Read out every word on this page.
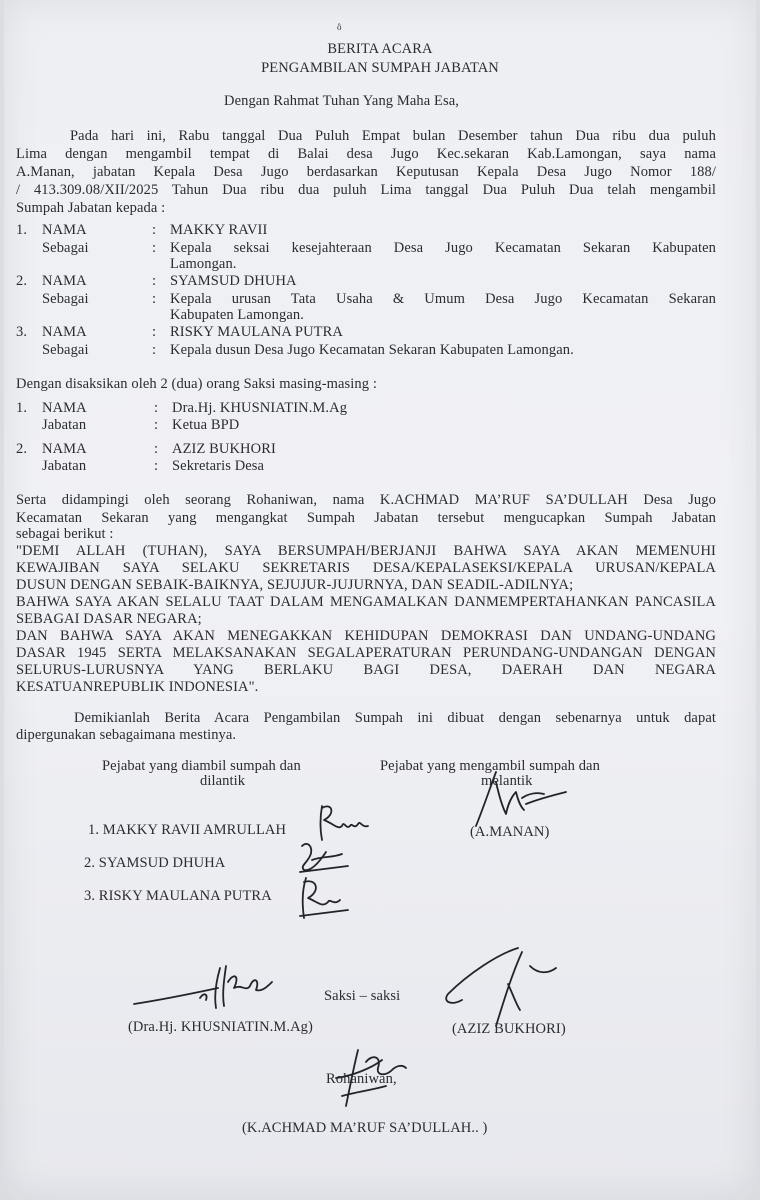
ô
BERITA ACARA
PENGAMBILAN SUMPAH JABATAN
Dengan Rahmat Tuhan Yang Maha Esa,
Pada hari ini, Rabu tanggal Dua Puluh Empat bulan Desember tahun Dua ribu dua puluh
Lima dengan mengambil tempat di Balai desa Jugo Kec.sekaran Kab.Lamongan, saya nama
A.Manan, jabatan Kepala Desa Jugo berdasarkan Keputusan Kepala Desa Jugo Nomor 188/
/ 413.309.08/XII/2025 Tahun Dua ribu dua puluh Lima tanggal Dua Puluh Dua telah mengambil
Sumpah Jabatan kepada :
1. NAMA	: MAKKY RAVII
Sebagai	: Kepala seksai kesejahteraan Desa Jugo Kecamatan Sekaran Kabupaten
Lamongan.
2. NAMA	: SYAMSUD DHUHA
Sebagai	: Kepala urusan Tata Usaha & Umum Desa Jugo Kecamatan Sekaran
Kabupaten Lamongan.
3. NAMA	: RISKY MAULANA PUTRA
Sebagai	: Kepala dusun Desa Jugo Kecamatan Sekaran Kabupaten Lamongan.
Dengan disaksikan oleh 2 (dua) orang Saksi masing-masing :
1. NAMA	: Dra.Hj. KHUSNIATIN.M.Ag
Jabatan	: Ketua BPD
2. NAMA	: AZIZ BUKHORI
Jabatan	: Sekretaris Desa
Serta didampingi oleh seorang Rohaniwan, nama K.ACHMAD MA’RUF SA’DULLAH Desa Jugo
Kecamatan Sekaran yang mengangkat Sumpah Jabatan tersebut mengucapkan Sumpah Jabatan
sebagai berikut :
"DEMI ALLAH (TUHAN), SAYA BERSUMPAH/BERJANJI BAHWA SAYA AKAN MEMENUHI
KEWAJIBAN SAYA SELAKU SEKRETARIS DESA/KEPALASEKSI/KEPALA URUSAN/KEPALA
DUSUN DENGAN SEBAIK-BAIKNYA, SEJUJUR-JUJURNYA, DAN SEADIL-ADILNYA;
BAHWA SAYA AKAN SELALU TAAT DALAM MENGAMALKAN DANMEMPERTAHANKAN PANCASILA
SEBAGAI DASAR NEGARA;
DAN BAHWA SAYA AKAN MENEGAKKAN KEHIDUPAN DEMOKRASI DAN UNDANG-UNDANG
DASAR 1945 SERTA MELAKSANAKAN SEGALAPERATURAN PERUNDANG-UNDANGAN DENGAN
SELURUS-LURUSNYA YANG BERLAKU BAGI DESA, DAERAH DAN NEGARA
KESATUANREPUBLIK INDONESIA".
Demikianlah Berita Acara Pengambilan Sumpah ini dibuat dengan sebenarnya untuk dapat
dipergunakan sebagaimana mestinya.
Pejabat yang diambil sumpah dan
dilantik
Pejabat yang mengambil sumpah dan
melantik
1. MAKKY RAVII AMRULLAH
2. SYAMSUD DHUHA
3. RISKY MAULANA PUTRA
(A.MANAN)
Saksi – saksi
(Dra.Hj. KHUSNIATIN.M.Ag)	(AZIZ BUKHORI)
Rohaniwan,
(K.ACHMAD MA’RUF SA’DULLAH.. )
